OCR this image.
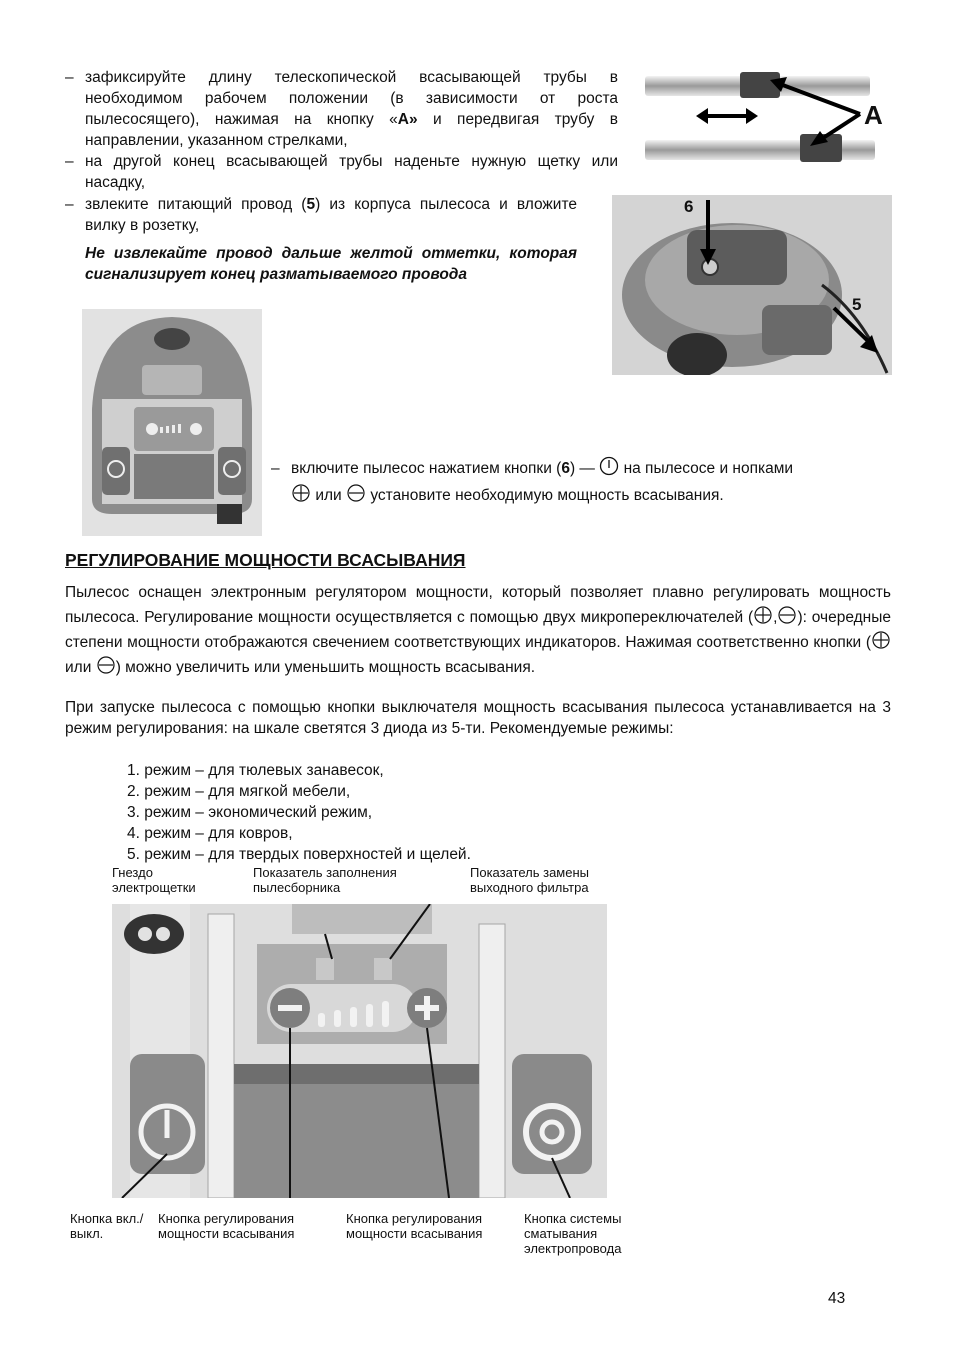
– зафиксируйте длину телескопической всасывающей трубы в необходимом рабочем положении (в зависимости от роста пылесосящего), нажимая на кнопку «А» и передвигая трубу в направлении, указанном стрелками,
– на другой конец всасывающей трубы наденьте нужную щетку или насадку,
– звлеките питающий провод (5) из корпуса пылесоса и вложите вилку в розетку,
Не извлекайте провод дальше желтой отметки, которая сигнализирует конец разматываемого провода
A
6
5
– включите пылесос нажатием кнопки (6) — на пылесосе и нопками
или установите необходимую мощность всасывания.
РЕГУЛИРОВАНИЕ МОЩНОСТИ ВСАСЫВАНИЯ
Пылесос оснащен электронным регулятором мощности, который позволяет плавно регулировать мощность пылесоса. Регулирование мощности осуществляется с помощью двух микропереключателей ( , ): очередные степени мощности отображаются свечением соответствующих индикаторов. Нажимая соответственно кнопки ( или ) можно увеличить или уменьшить мощность всасывания.
При запуске пылесоса с помощью кнопки выключателя мощность всасывания пылесоса устанавливается на 3 режим регулирования: на шкале светятся 3 диода из 5-ти. Рекомендуемые режимы:
1. режим – для тюлевых занавесок,
2. режим – для мягкой мебели,
3. режим – экономический режим,
4. режим – для ковров,
5. режим – для твердых поверхностей и щелей.
Гнездо электрощетки
Показатель заполнения пылесборника
Показатель замены выходного фильтра
Кнопка вкл./выкл.
Кнопка регулирования мощности всасывания
Кнопка регулирования мощности всасывания
Кнопка системы сматывания электропровода
43
